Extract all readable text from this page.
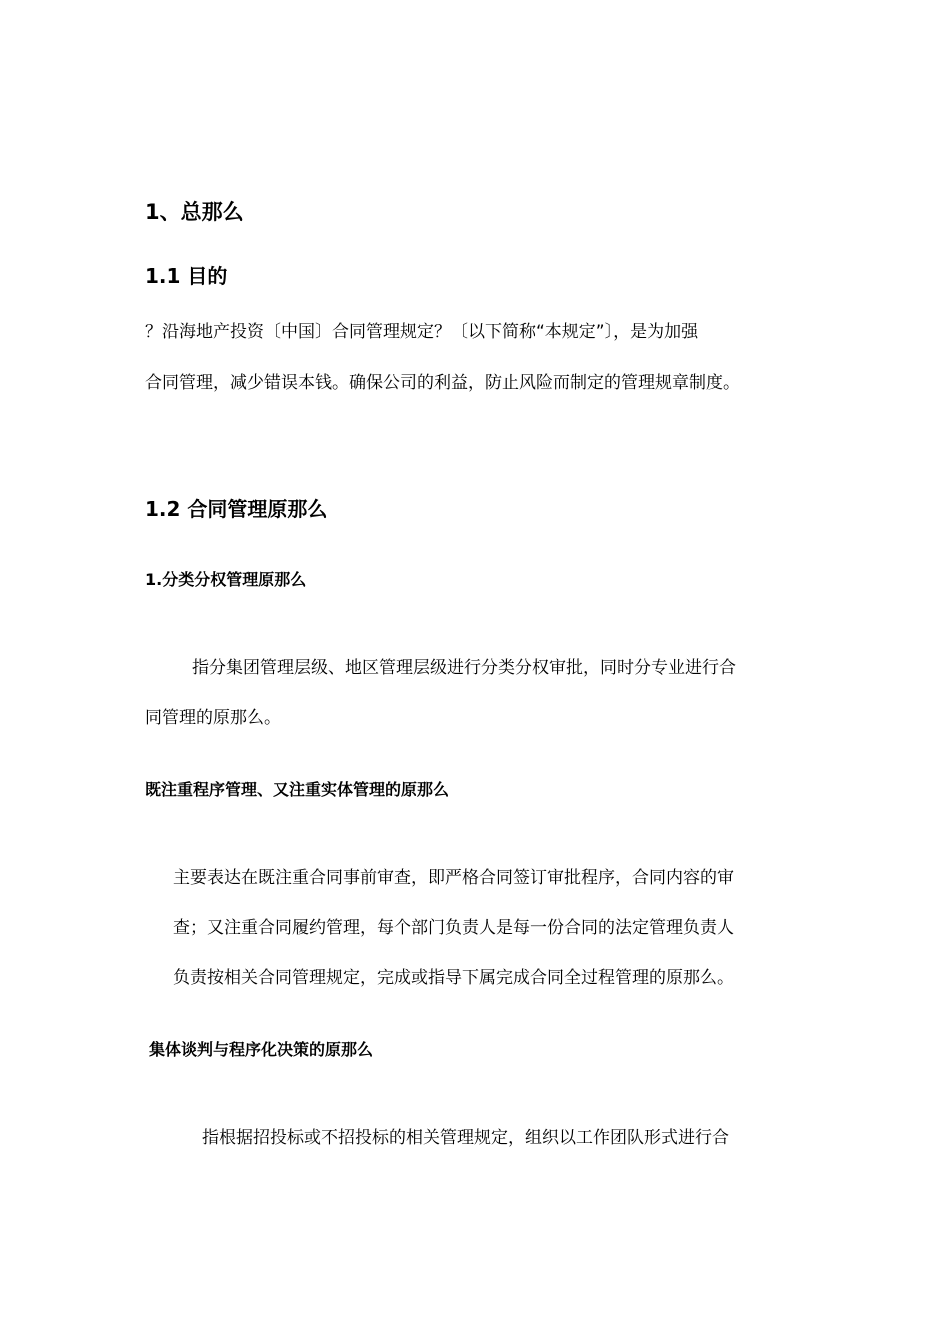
1、总那么
1.1 目的
？沿海地产投资〔中国〕合同管理规定？〔以下简称“本规定”〕，是为加强
合同管理，减少错误本钱。确保公司的利益，防止风险而制定的管理规章制度。
1.2 合同管理原那么
1.分类分权管理原那么
指分集团管理层级、地区管理层级进行分类分权审批，同时分专业进行合
同管理的原那么。
既注重程序管理、又注重实体管理的原那么
主要表达在既注重合同事前审查，即严格合同签订审批程序，合同内容的审
查；又注重合同履约管理，每个部门负责人是每一份合同的法定管理负责人
负责按相关合同管理规定，完成或指导下属完成合同全过程管理的原那么。
集体谈判与程序化决策的原那么
指根据招投标或不招投标的相关管理规定，组织以工作团队形式进行合
